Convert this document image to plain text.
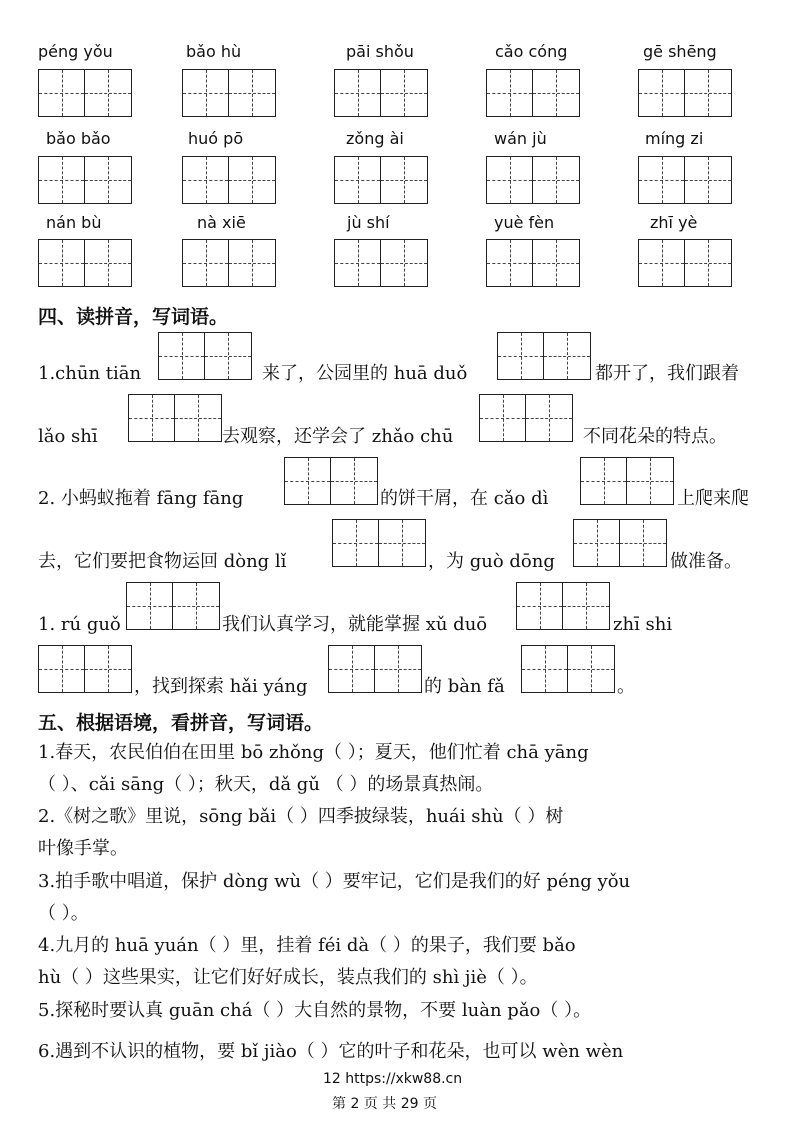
péng yǒu	bǎo hù	pāi shǒu	cǎo cóng	gē shēng
bǎo bǎo	huó pō	zǒng ài	wán jù	míng zi
nán bù	nà xiē	jù shí	yuè fèn	zhī yè
四、读拼音，写词语。
1.chūn tiān	来了，公园里的 huā duǒ	都开了，我们跟着
lǎo shī	去观察，还学会了 zhǎo chū	不同花朵的特点。
2. 小蚂蚁拖着 fāng fāng	的饼干屑，在 cǎo dì	上爬来爬
去，它们要把食物运回 dòng lǐ	，为 guò dōng	做准备。
1. rú guǒ	我们认真学习，就能掌握 xǔ duō	zhī shi
，找到探索 hǎi yáng	的 bàn fǎ	。
五、根据语境，看拼音，写词语。
1.春天，农民伯伯在田里 bō zhǒng（ ）；夏天，他们忙着 chā yāng
（ ）、cǎi sāng（ ）；秋天，dǎ gǔ （ ）的场景真热闹。
2.《树之歌》里说，sōng bǎi（ ）四季披绿装，huái shù（ ）树
叶像手掌。
3.拍手歌中唱道，保护 dòng wù（ ）要牢记，它们是我们的好 péng yǒu
（ ）。
4.九月的 huā yuán（ ）里，挂着 féi dà（ ）的果子，我们要 bǎo
hù（ ）这些果实，让它们好好成长，装点我们的 shì jiè（ ）。
5.探秘时要认真 guān chá（ ）大自然的景物，不要 luàn pǎo（ ）。
6.遇到不认识的植物，要 bǐ jiào（ ）它的叶子和花朵，也可以 wèn wèn
12 https://xkw88.cn
第 2 页 共 29 页
